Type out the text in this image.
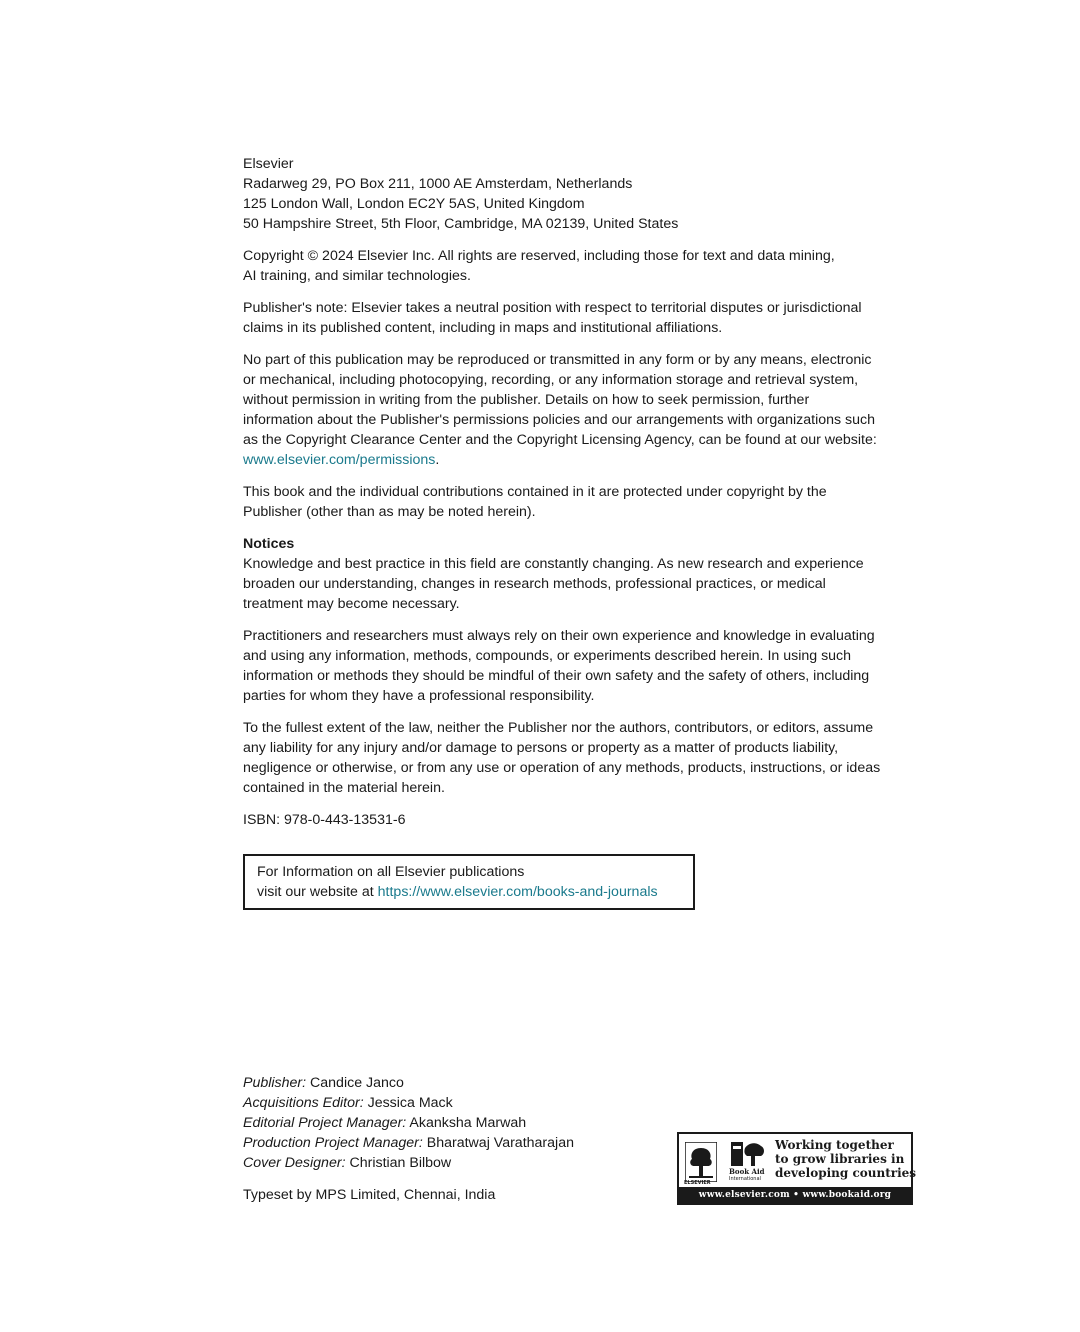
Elsevier
Radarweg 29, PO Box 211, 1000 AE Amsterdam, Netherlands
125 London Wall, London EC2Y 5AS, United Kingdom
50 Hampshire Street, 5th Floor, Cambridge, MA 02139, United States

Copyright © 2024 Elsevier Inc. All rights are reserved, including those for text and data mining,
AI training, and similar technologies.

Publisher's note: Elsevier takes a neutral position with respect to territorial disputes or jurisdictional
claims in its published content, including in maps and institutional affiliations.

No part of this publication may be reproduced or transmitted in any form or by any means, electronic
or mechanical, including photocopying, recording, or any information storage and retrieval system,
without permission in writing from the publisher. Details on how to seek permission, further
information about the Publisher's permissions policies and our arrangements with organizations such
as the Copyright Clearance Center and the Copyright Licensing Agency, can be found at our website:
www.elsevier.com/permissions.

This book and the individual contributions contained in it are protected under copyright by the
Publisher (other than as may be noted herein).

Notices
Knowledge and best practice in this field are constantly changing. As new research and experience
broaden our understanding, changes in research methods, professional practices, or medical
treatment may become necessary.

Practitioners and researchers must always rely on their own experience and knowledge in evaluating
and using any information, methods, compounds, or experiments described herein. In using such
information or methods they should be mindful of their own safety and the safety of others, including
parties for whom they have a professional responsibility.

To the fullest extent of the law, neither the Publisher nor the authors, contributors, or editors, assume
any liability for any injury and/or damage to persons or property as a matter of products liability,
negligence or otherwise, or from any use or operation of any methods, products, instructions, or ideas
contained in the material herein.

ISBN: 978-0-443-13531-6

For Information on all Elsevier publications
visit our website at https://www.elsevier.com/books-and-journals
Publisher: Candice Janco
Acquisitions Editor: Jessica Mack
Editorial Project Manager: Akanksha Marwah
Production Project Manager: Bharatwaj Varatharajan
Cover Designer: Christian Bilbow
Typeset by MPS Limited, Chennai, India
ELSEVIER
Book Aid
International
Working together
to grow libraries in
developing countries
www.elsevier.com • www.bookaid.org
